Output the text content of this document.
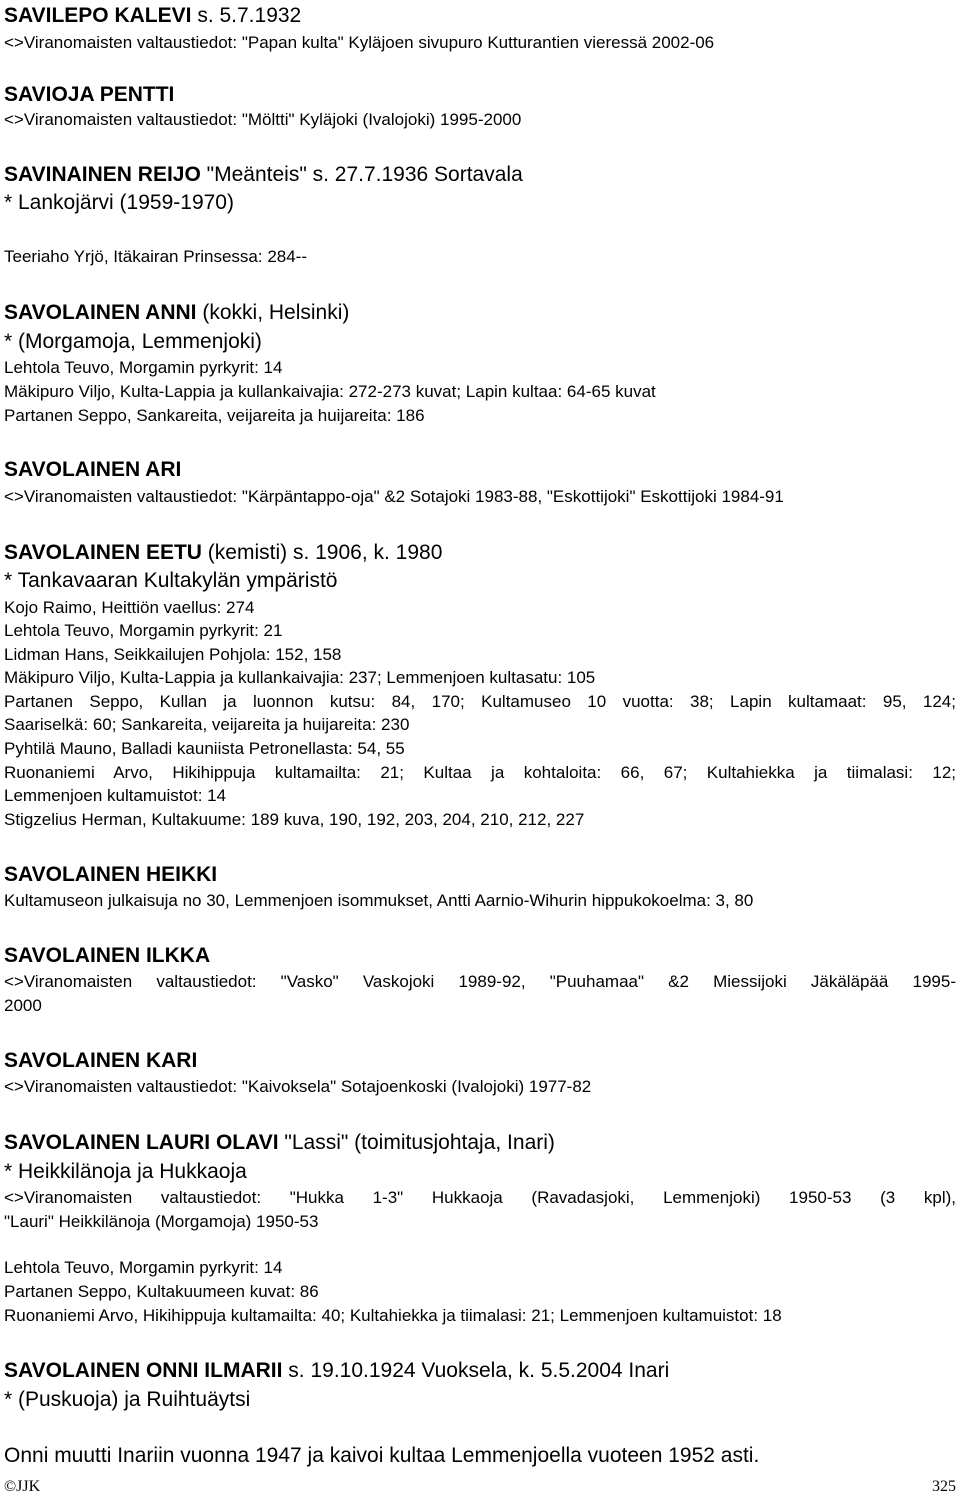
SAVILEPO KALEVI s. 5.7.1932

<>Viranomaisten valtaustiedot: "Papan kulta" Kyläjoen sivupuro Kutturantien vieressä 2002-06

SAVIOJA PENTTI

<>Viranomaisten valtaustiedot: "Möltti" Kyläjoki (Ivalojoki) 1995-2000

SAVINAINEN REIJO "Meänteis" s. 27.7.1936 Sortavala

* Lankojärvi (1959-1970)

Teeriaho Yrjö, Itäkairan Prinsessa: 284--

SAVOLAINEN ANNI (kokki, Helsinki)

* (Morgamoja, Lemmenjoki)

Lehtola Teuvo, Morgamin pyrkyrit: 14

Mäkipuro Viljo, Kulta-Lappia ja kullankaivajia: 272-273 kuvat; Lapin kultaa: 64-65 kuvat

Partanen Seppo, Sankareita, veijareita ja huijareita: 186

SAVOLAINEN ARI

<>Viranomaisten valtaustiedot: "Kärpäntappo-oja" &2 Sotajoki 1983-88, "Eskottijoki" Eskottijoki 1984-91

SAVOLAINEN EETU (kemisti) s. 1906, k. 1980

* Tankavaaran Kultakylän ympäristö

Kojo Raimo, Heittiön vaellus: 274

Lehtola Teuvo, Morgamin pyrkyrit: 21

Lidman Hans, Seikkailujen Pohjola: 152, 158

Mäkipuro Viljo, Kulta-Lappia ja kullankaivajia: 237; Lemmenjoen kultasatu: 105

Partanen Seppo, Kullan ja luonnon kutsu: 84, 170; Kultamuseo 10 vuotta: 38; Lapin kultamaat: 95, 124;

Saariselkä: 60; Sankareita, veijareita ja huijareita: 230

Pyhtilä Mauno, Balladi kauniista Petronellasta: 54, 55

Ruonaniemi Arvo, Hikihippuja kultamailta: 21; Kultaa ja kohtaloita: 66, 67; Kultahiekka ja tiimalasi: 12;

Lemmenjoen kultamuistot: 14

Stigzelius Herman, Kultakuume: 189 kuva, 190, 192, 203, 204, 210, 212, 227

SAVOLAINEN HEIKKI

Kultamuseon julkaisuja no 30, Lemmenjoen isommukset, Antti Aarnio-Wihurin hippukokoelma: 3, 80

SAVOLAINEN ILKKA

<>Viranomaisten valtaustiedot: "Vasko" Vaskojoki 1989-92, "Puuhamaa" &2 Miessijoki Jäkäläpää 1995-

2000

SAVOLAINEN KARI

<>Viranomaisten valtaustiedot: "Kaivoksela" Sotajoenkoski (Ivalojoki) 1977-82

SAVOLAINEN LAURI OLAVI "Lassi" (toimitusjohtaja, Inari)

* Heikkilänoja ja Hukkaoja

<>Viranomaisten valtaustiedot: "Hukka 1-3" Hukkaoja (Ravadasjoki, Lemmenjoki) 1950-53 (3 kpl),

"Lauri" Heikkilänoja (Morgamoja) 1950-53

Lehtola Teuvo, Morgamin pyrkyrit: 14

Partanen Seppo, Kultakuumeen kuvat: 86

Ruonaniemi Arvo, Hikihippuja kultamailta: 40; Kultahiekka ja tiimalasi: 21; Lemmenjoen kultamuistot: 18

SAVOLAINEN ONNI ILMARII s. 19.10.1924 Vuoksela, k. 5.5.2004 Inari

* (Puskuoja) ja Ruihtuäytsi

Onni muutti Inariin vuonna 1947 ja kaivoi kultaa Lemmenjoella vuoteen 1952 asti.

©JJK	325
